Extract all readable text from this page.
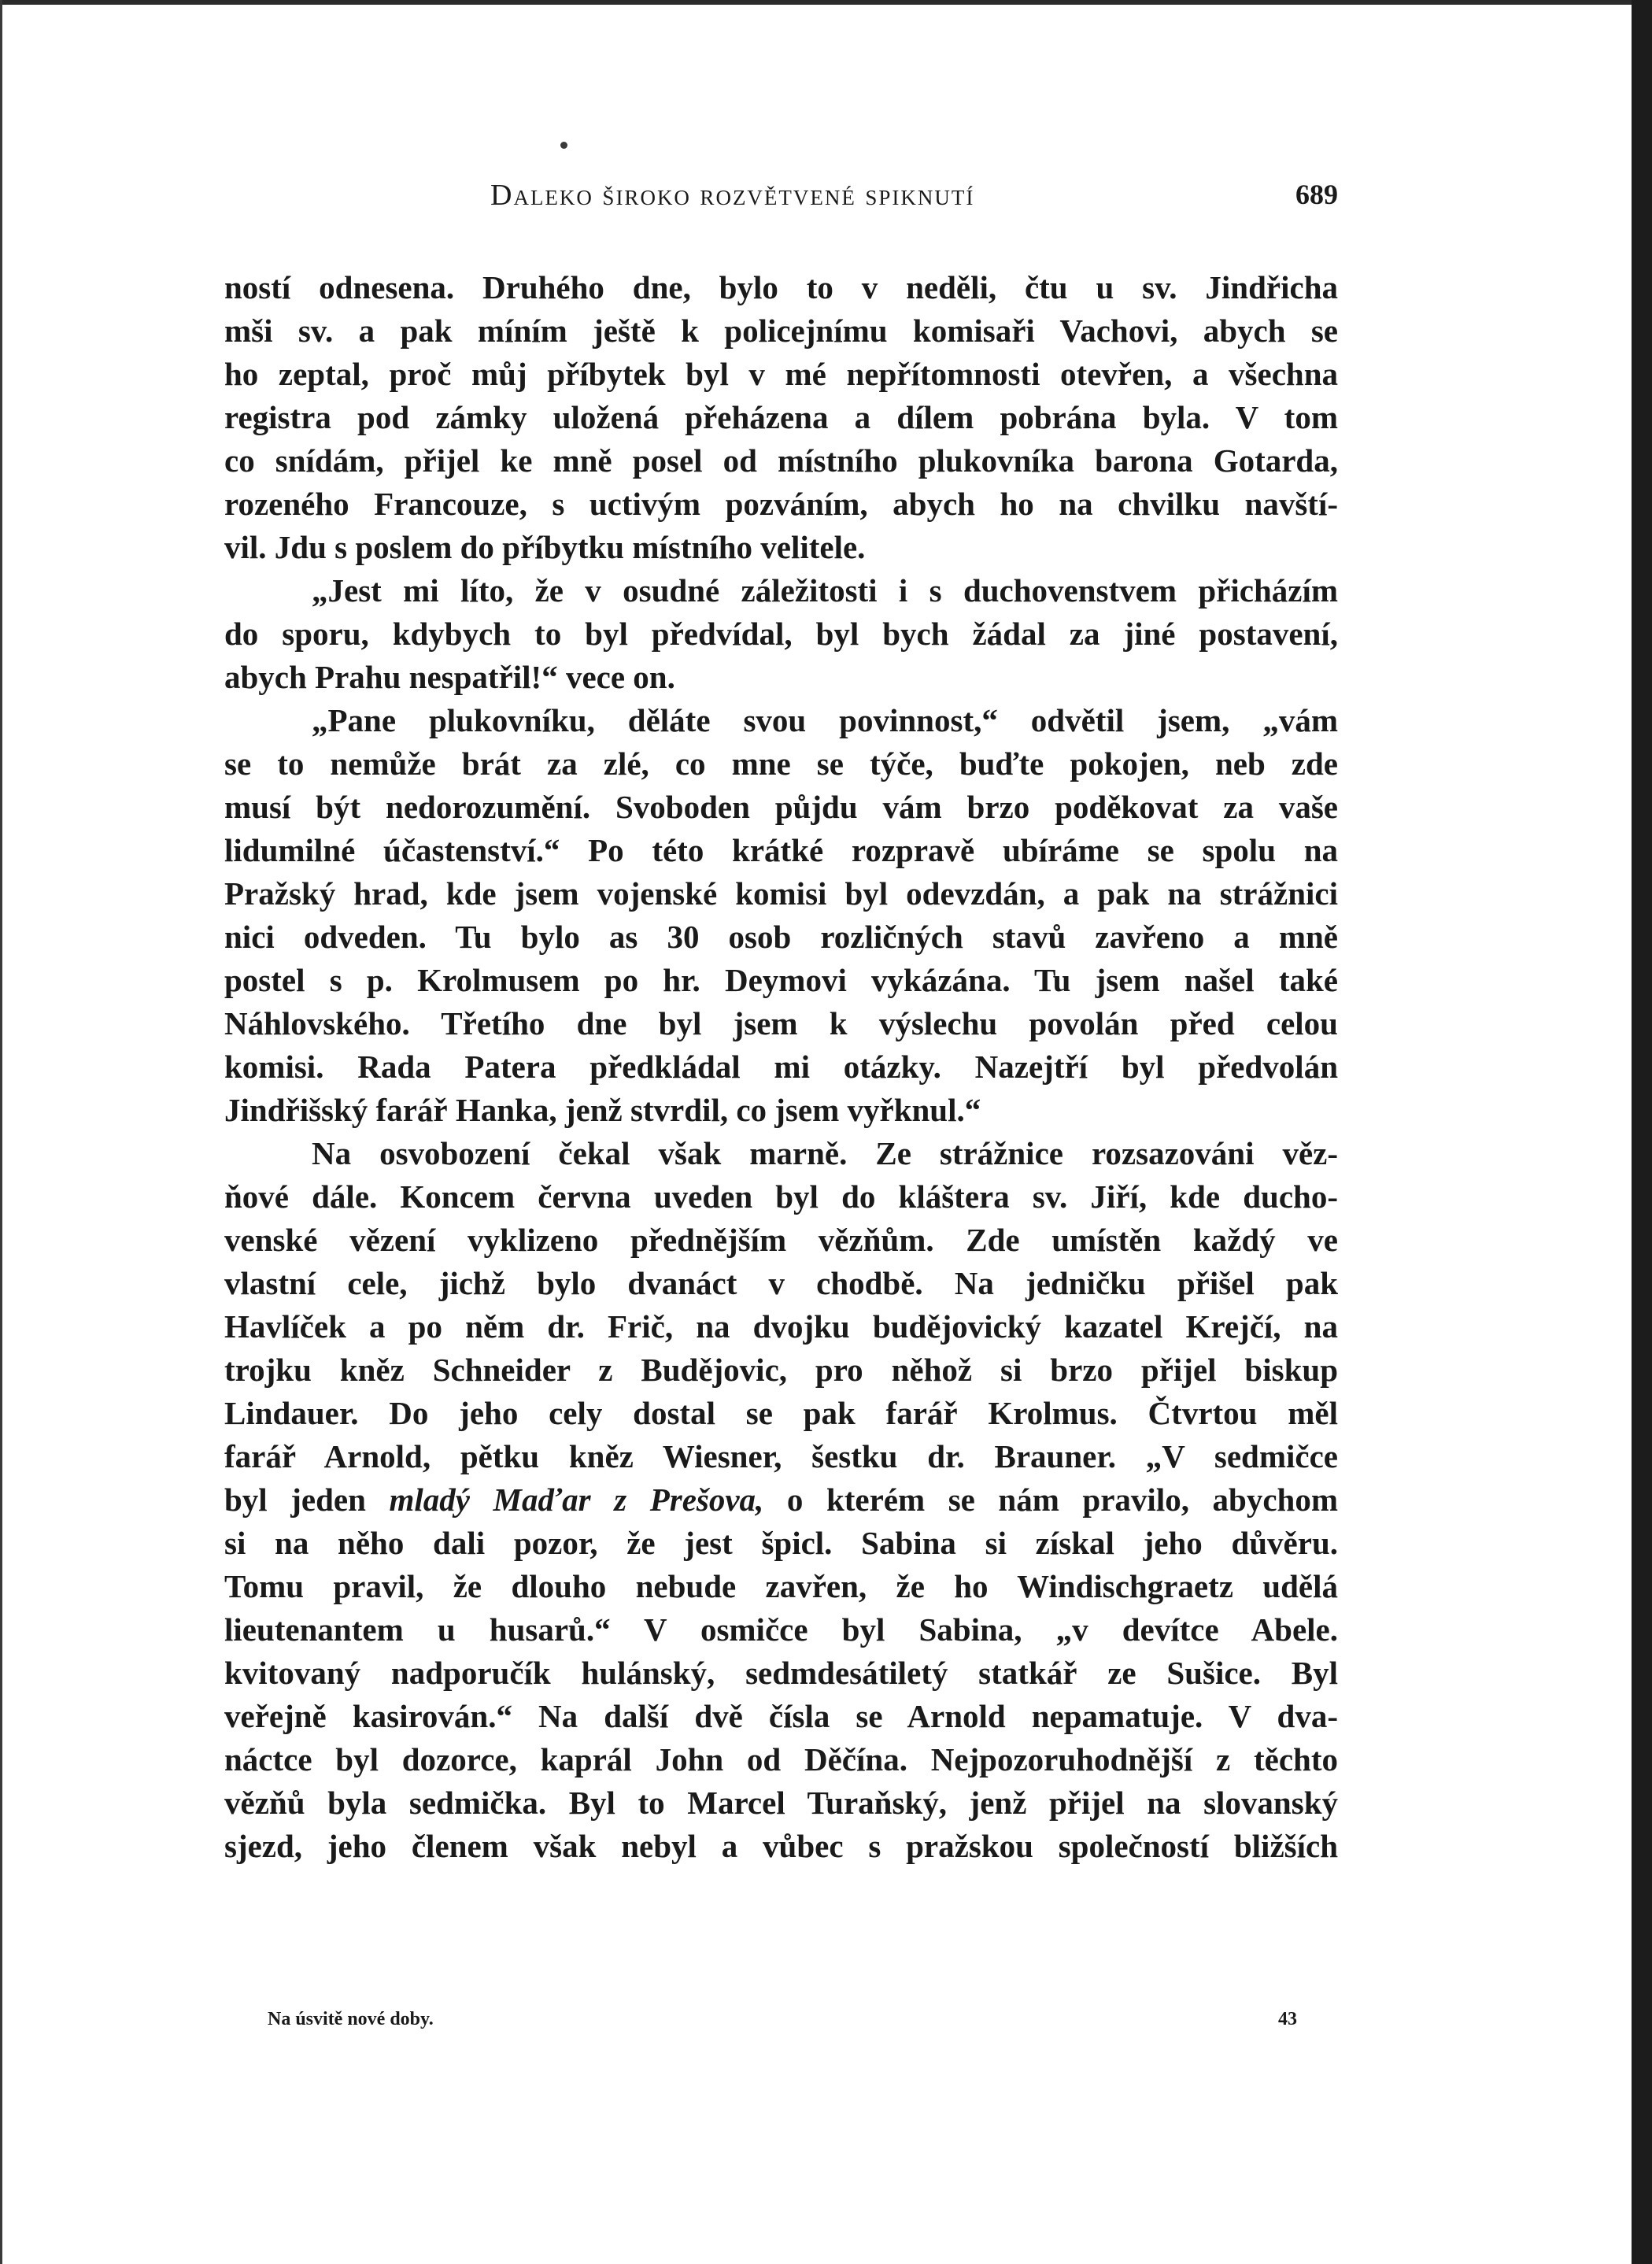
Daleko široko rozvětvené spiknutí	689
ností odnesena. Druhého dne, bylo to v neděli, čtu u sv. Jindřicha
mši sv. a pak míním ještě k policejnímu komisaři Vachovi, abych se
ho zeptal, proč můj příbytek byl v mé nepřítomnosti otevřen, a všechna
registra pod zámky uložená přeházena a dílem pobrána byla. V tom
co snídám, přijel ke mně posel od místního plukovníka barona Gotarda,
rozeného Francouze, s uctivým pozváním, abych ho na chvilku navští-
vil. Jdu s poslem do příbytku místního velitele.
„Jest mi líto, že v osudné záležitosti i s duchovenstvem přicházím
do sporu, kdybych to byl předvídal, byl bych žádal za jiné postavení,
abych Prahu nespatřil!“ vece on.
„Pane plukovníku, děláte svou povinnost,“ odvětil jsem, „vám
se to nemůže brát za zlé, co mne se týče, buďte pokojen, neb zde
musí být nedorozumění. Svoboden půjdu vám brzo poděkovat za vaše
lidumilné účastenství.“ Po této krátké rozpravě ubíráme se spolu na
Pražský hrad, kde jsem vojenské komisi byl odevzdán, a pak na strážnici
nici odveden. Tu bylo as 30 osob rozličných stavů zavřeno a mně
postel s p. Krolmusem po hr. Deymovi vykázána. Tu jsem našel také
Náhlovského. Třetího dne byl jsem k výslechu povolán před celou
komisi. Rada Patera předkládal mi otázky. Nazejtří byl předvolán
Jindřišský farář Hanka, jenž stvrdil, co jsem vyřknul.“
Na osvobození čekal však marně. Ze strážnice rozsazováni věz-
ňové dále. Koncem června uveden byl do kláštera sv. Jiří, kde ducho-
venské vězení vyklizeno přednějším vězňům. Zde umístěn každý ve
vlastní cele, jichž bylo dvanáct v chodbě. Na jedničku přišel pak
Havlíček a po něm dr. Frič, na dvojku budějovický kazatel Krejčí, na
trojku kněz Schneider z Budějovic, pro něhož si brzo přijel biskup
Lindauer. Do jeho cely dostal se pak farář Krolmus. Čtvrtou měl
farář Arnold, pětku kněz Wiesner, šestku dr. Brauner. „V sedmičce
byl jeden mladý Maďar z Prešova, o kterém se nám pravilo, abychom
si na něho dali pozor, že jest špicl. Sabina si získal jeho důvěru.
Tomu pravil, že dlouho nebude zavřen, že ho Windischgraetz udělá
lieutenantem u husarů.“ V osmičce byl Sabina, „v devítce Abele.
kvitovaný nadporučík hulánský, sedmdesátiletý statkář ze Sušice. Byl
veřejně kasirován.“ Na další dvě čísla se Arnold nepamatuje. V dva-
náctce byl dozorce, kaprál John od Děčína. Nejpozoruhodnější z těchto
vězňů byla sedmička. Byl to Marcel Turaňský, jenž přijel na slovanský
sjezd, jeho členem však nebyl a vůbec s pražskou společností bližších
Na úsvitě nové doby.	43
